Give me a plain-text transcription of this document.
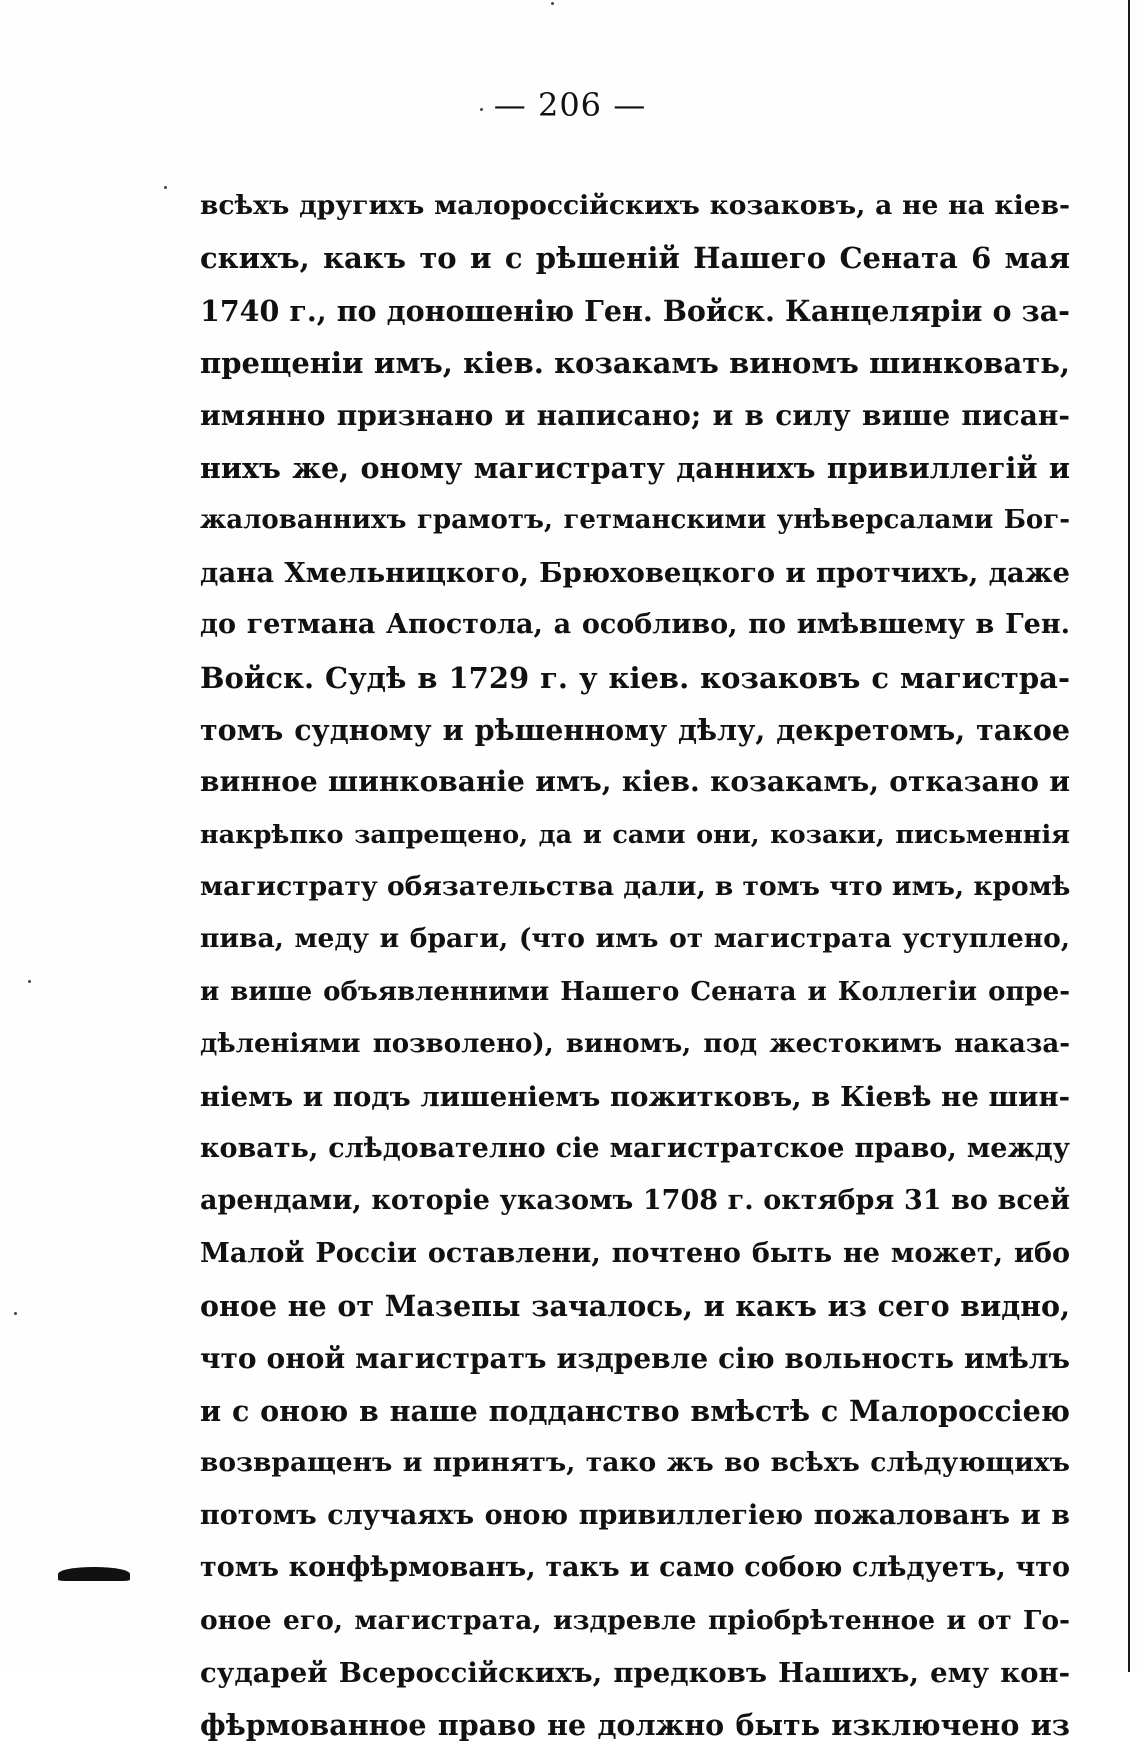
— 206 —
всѣхъ другихъ малороссійскихъ козаковъ, а не на кіев-
скихъ, какъ то и с рѣшеній Нашего Сената 6 мая
1740 г., по доношенію Ген. Войск. Канцеляріи о за-
прещеніи имъ, кіев. козакамъ виномъ шинковать,
имянно признано и написано; и в силу више писан-
нихъ же, оному магистрату даннихъ привиллегій и
жалованнихъ грамотъ, гетманскими унѣверсалами Бог-
дана Хмельницкого, Брюховецкого и протчихъ, даже
до гетмана Апостола, а особливо, по имѣвшему в Ген.
Войск. Судѣ в 1729 г. у кіев. козаковъ с магистра-
томъ судному и рѣшенному дѣлу, декретомъ, такое
винное шинкованіе имъ, кіев. козакамъ, отказано и
накрѣпко запрещено, да и сами они, козаки, письменнія
магистрату обязательства дали, в томъ что имъ, кромѣ
пива, меду и браги, (что имъ от магистрата уступлено,
и више объявленними Нашего Сената и Коллегіи опре-
дѣленіями позволено), виномъ, под жестокимъ наказа-
ніемъ и подъ лишеніемъ пожитковъ, в Кіевѣ не шин-
ковать, слѣдователно сіе магистратское право, между
арендами, которіе указомъ 1708 г. октября 31 во всей
Малой Россіи оставлени, почтено быть не может, ибо
оное не от Мазепы зачалось, и какъ из сего видно,
что оной магистратъ издревле сію вольность имѣлъ
и с оною в наше подданство вмѣстѣ с Малороссіею
возвращенъ и принятъ, тако жъ во всѣхъ слѣдующихъ
потомъ случаяхъ оною привиллегіею пожалованъ и в
томъ конфѣрмованъ, такъ и само собою слѣдуетъ, что
оное его, магистрата, издревле пріобрѣтенное и от Го-
сударей Всероссійскихъ, предковъ Нашихъ, ему кон-
фѣрмованное право не должно быть изключено из
